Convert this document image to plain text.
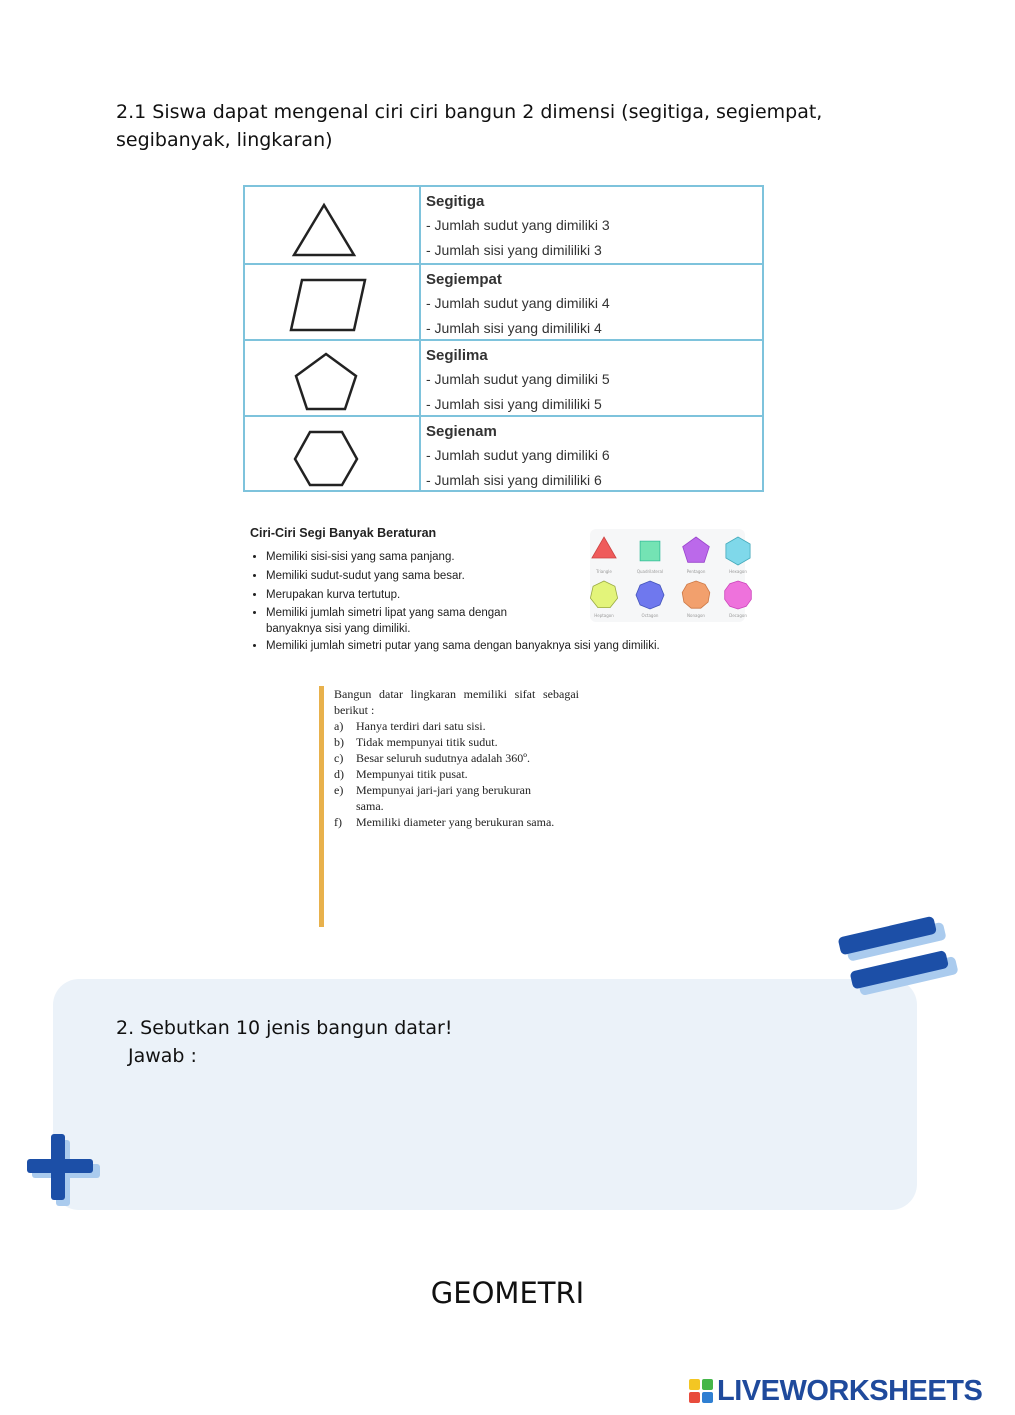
2.1 Siswa dapat mengenal ciri ciri bangun 2 dimensi (segitiga, segiempat, segibanyak, lingkaran)
Segitiga
- Jumlah sudut yang dimiliki 3
- Jumlah sisi yang dimililiki 3
Segiempat
- Jumlah sudut yang dimiliki 4
- Jumlah sisi yang dimililiki 4
Segilima
- Jumlah sudut yang dimiliki 5
- Jumlah sisi yang dimililiki 5
Segienam
- Jumlah sudut yang dimiliki 6
- Jumlah sisi yang dimililiki 6
Ciri-Ciri Segi Banyak Beraturan
• Memiliki sisi-sisi yang sama panjang.
• Memiliki sudut-sudut yang sama besar.
• Merupakan kurva tertutup.
• Memiliki jumlah simetri lipat yang sama dengan banyaknya sisi yang dimiliki.
• Memiliki jumlah simetri putar yang sama dengan banyaknya sisi yang dimiliki.
Triangle	Quadrilateral	Pentagon	Hexagon
Heptagon	Octagon	Nonagon	Decagon
Bangun datar lingkaran memiliki sifat sebagai berikut :
a) Hanya terdiri dari satu sisi.
b) Tidak mempunyai titik sudut.
c) Besar seluruh sudutnya adalah 360º.
d) Mempunyai titik pusat.
e) Mempunyai jari-jari yang berukuran sama.
f) Memiliki diameter yang berukuran sama.
2. Sebutkan 10 jenis bangun datar!
Jawab :
GEOMETRI
LIVEWORKSHEETS
